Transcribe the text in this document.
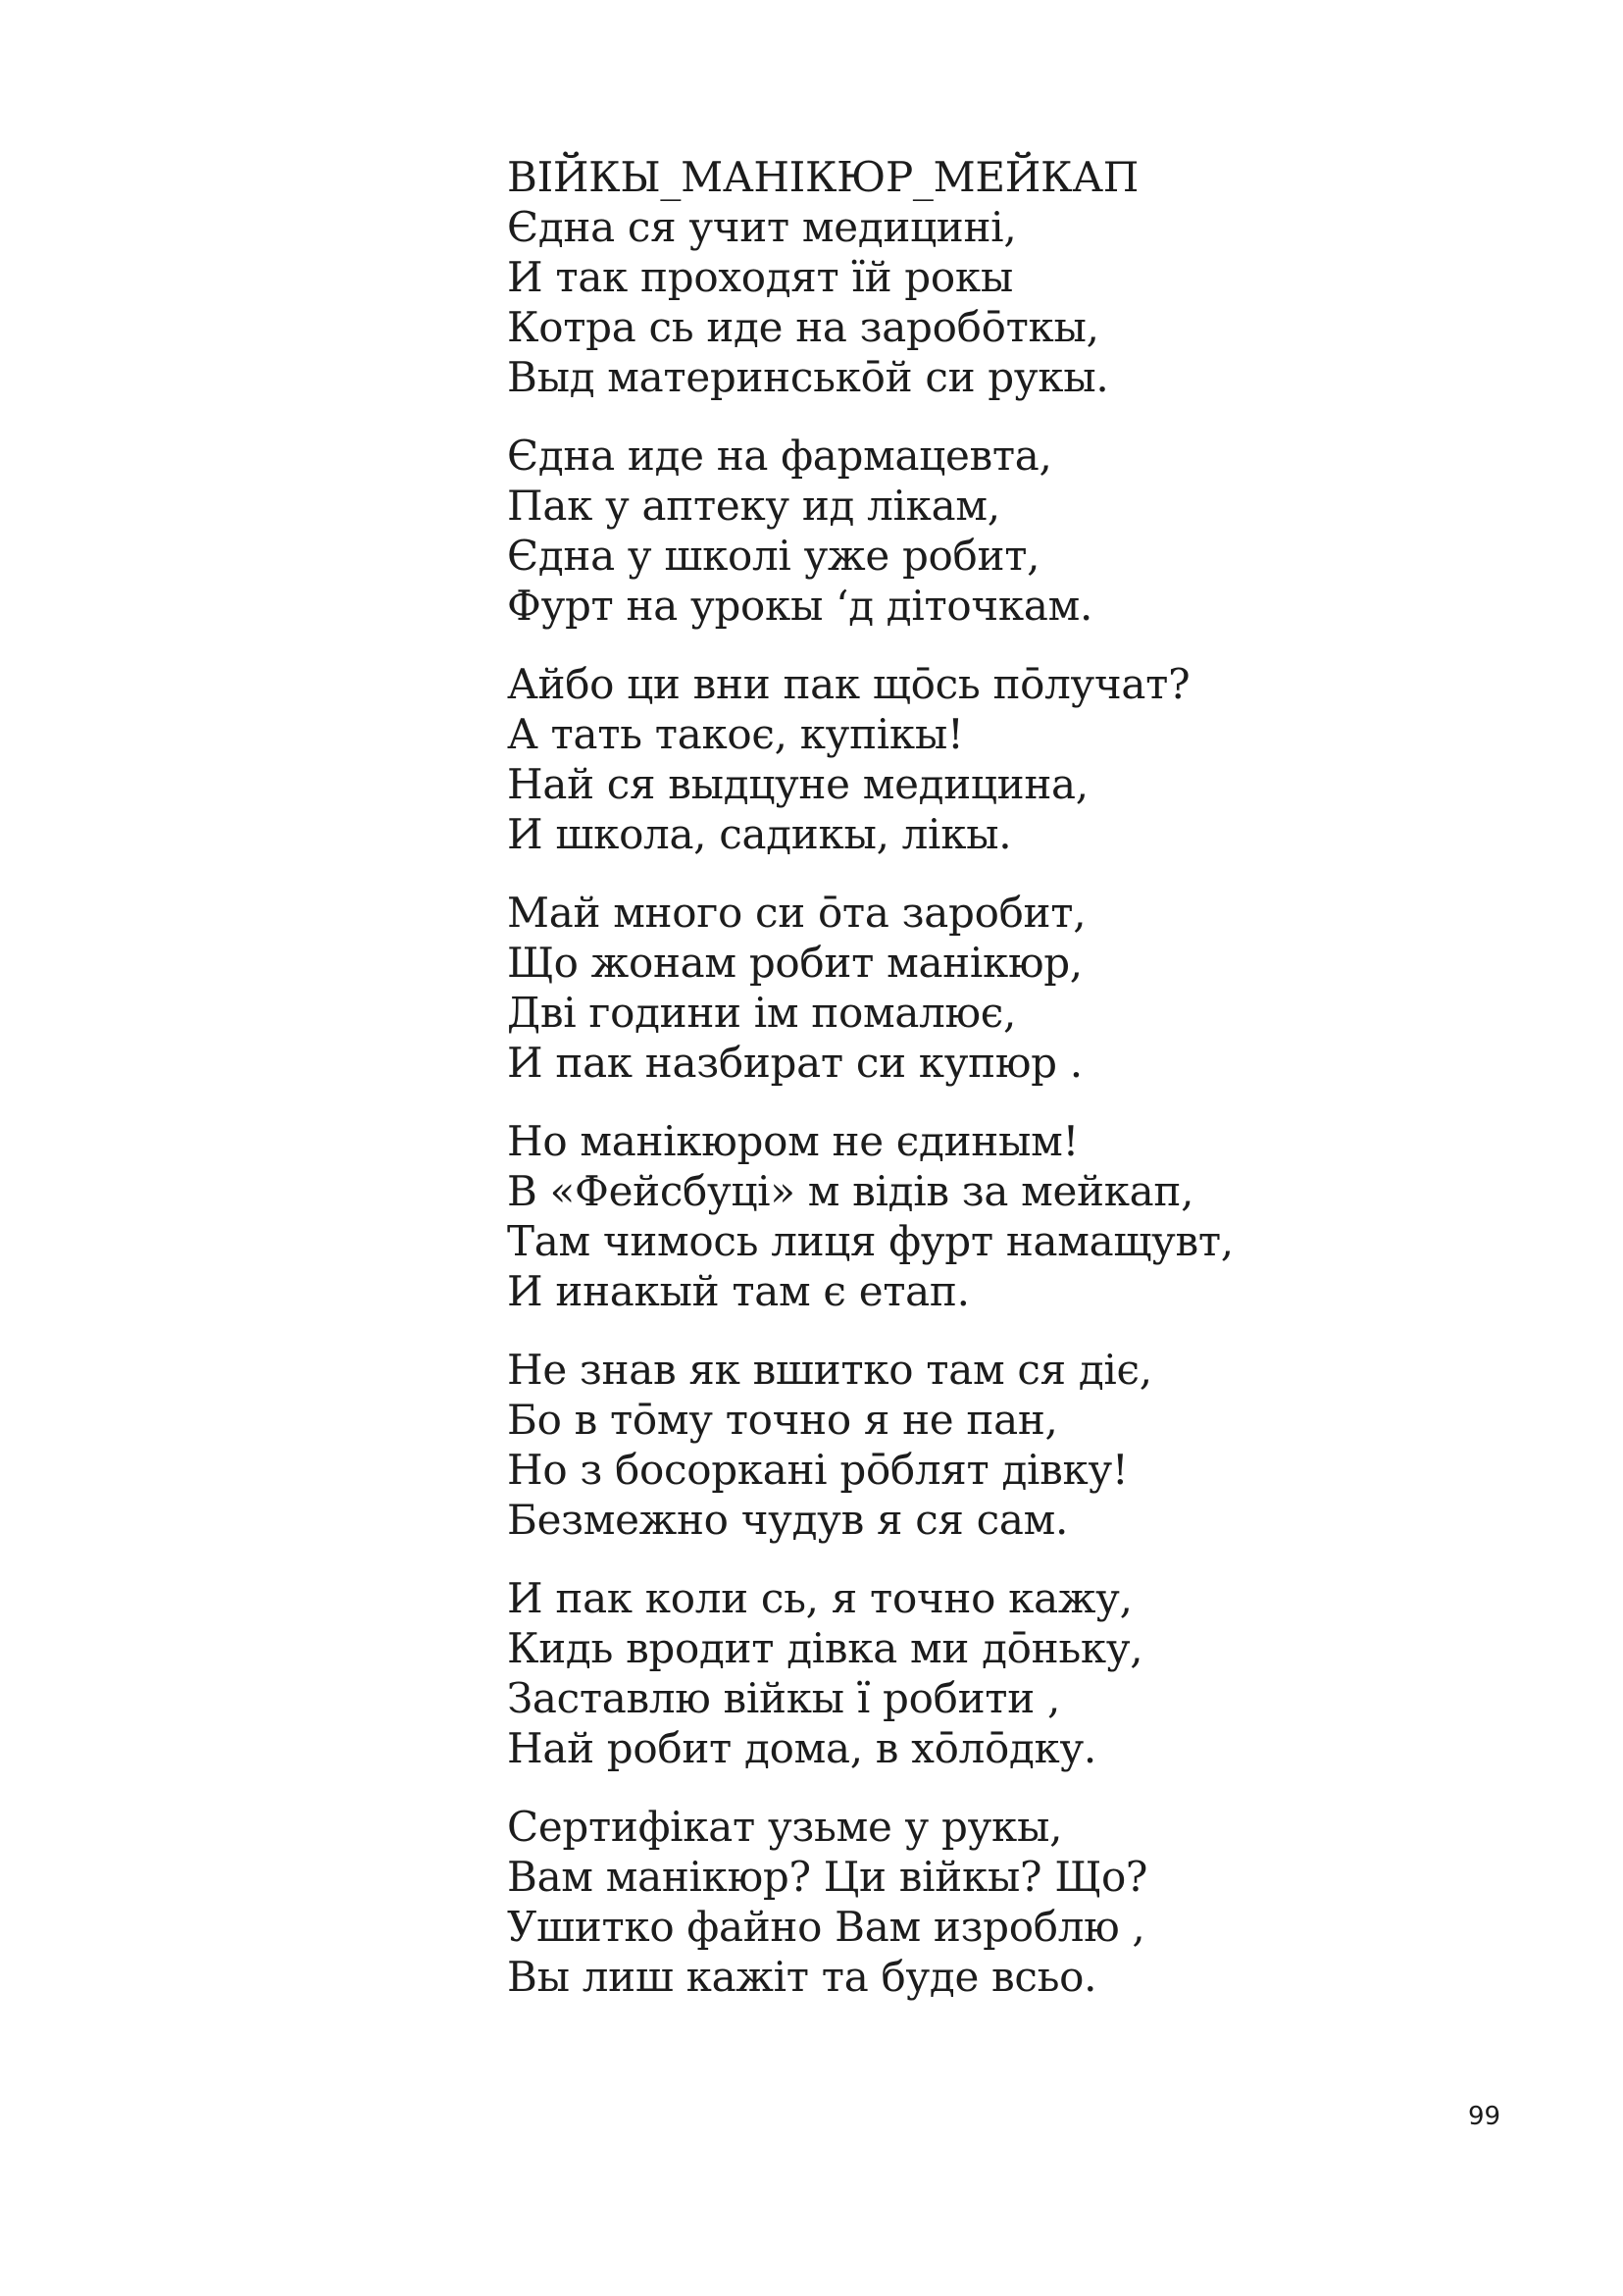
ВІЙКЫ_МАНІКЮР_МЕЙКАП

Єдна ся учит медицині,
И так проходят їй рокы
Котра сь иде на заробо̄ткы,
Выд материнсько̄й си рукы.

Єдна иде на фармацевта,
Пак у аптеку ид лікам,
Єдна у школі уже робит,
Фурт на урокы ‘д діточкам.

Айбо ци вни пак що̄сь по̄лучат?
А тать такоє, купікы!
Най ся выдцуне медицина,
И школа, садикы, лікы.

Май много си о̄та заробит,
Що жонам робит манікюр,
Дві години ім помалює,
И пак назбират си купюр .

Но манікюром не єдиным!
В «Фейсбуці» м відів за мейкап,
Там чимось лиця фурт намащувт,
И инакый там є етап.

Не знав як вшитко там ся діє,
Бо в то̄му точно я не пан,
Но з босоркані ро̄блят дівку!
Безмежно чудув я ся сам.

И пак коли сь, я точно кажу,
Кидь вродит дівка ми до̄ньку,
Заставлю війкы ї робити ,
Най робит дома, в хо̄ло̄дку.

Сертифікат узьме у рукы,
Вам манікюр? Ци війкы? Що?
Ушитко файно Вам изроблю ,
Вы лиш кажіт та буде всьо.

99
